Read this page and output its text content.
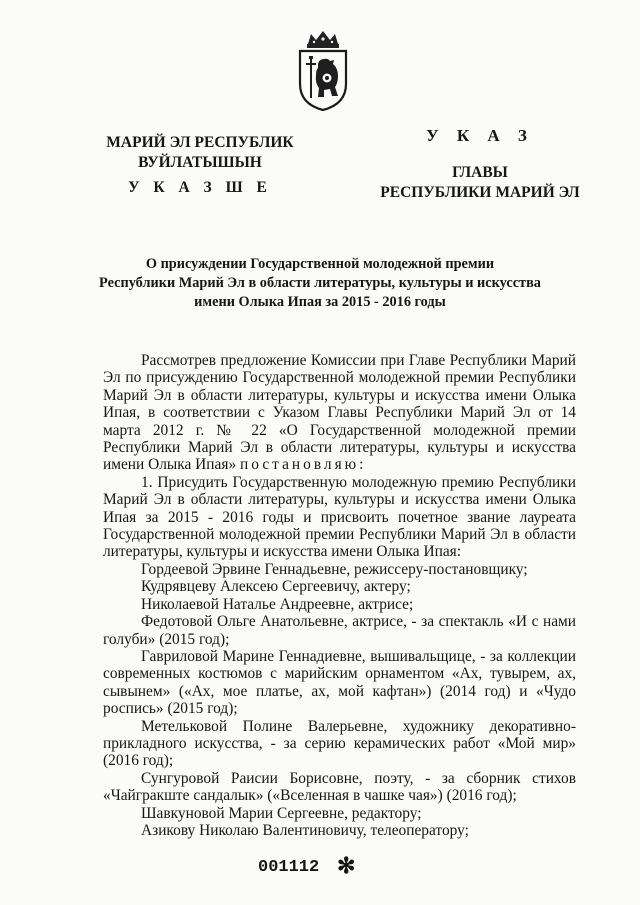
МАРИЙ ЭЛ РЕСПУБЛИК
ВУЙЛАТЫШЫН
У К А З Ш Е
У К А З
ГЛАВЫ
РЕСПУБЛИКИ МАРИЙ ЭЛ
О присуждении Государственной молодежной премии
Республики Марий Эл в области литературы, культуры и искусства
имени Олыка Ипая за 2015 - 2016 годы

Рассмотрев предложение Комиссии при Главе Республики Марий Эл по присуждению Государственной молодежной премии Республики Марий Эл в области литературы, культуры и искусства имени Олыка Ипая, в соответствии с Указом Главы Республики Марий Эл от 14 марта 2012 г. № 22 «О Государственной молодежной премии Республики Марий Эл в области литературы, культуры и искусства имени Олыка Ипая» постановляю:

1. Присудить Государственную молодежную премию Республики Марий Эл в области литературы, культуры и искусства имени Олыка Ипая за 2015 - 2016 годы и присвоить почетное звание лауреата Государственной молодежной премии Республики Марий Эл в области литературы, культуры и искусства имени Олыка Ипая:

Гордеевой Эрвине Геннадьевне, режиссеру-постановщику;

Кудрявцеву Алексею Сергеевичу, актеру;

Николаевой Наталье Андреевне, актрисе;

Федотовой Ольге Анатольевне, актрисе, - за спектакль «И с нами голуби» (2015 год);

Гавриловой Марине Геннадиевне, вышивальщице, - за коллекции современных костюмов с марийским орнаментом «Ах, тувырем, ах, сывынем» («Ах, мое платье, ах, мой кафтан») (2014 год) и «Чудо роспись» (2015 год);

Метельковой Полине Валерьевне, художнику декоративно-прикладного искусства, - за серию керамических работ «Мой мир» (2016 год);

Сунгуровой Раисии Борисовне, поэту, - за сборник стихов «Чайгракште сандалык» («Вселенная в чашке чая») (2016 год);

Шавкуновой Марии Сергеевне, редактору;

Азикову Николаю Валентиновичу, телеоператору;

001112 ✻
